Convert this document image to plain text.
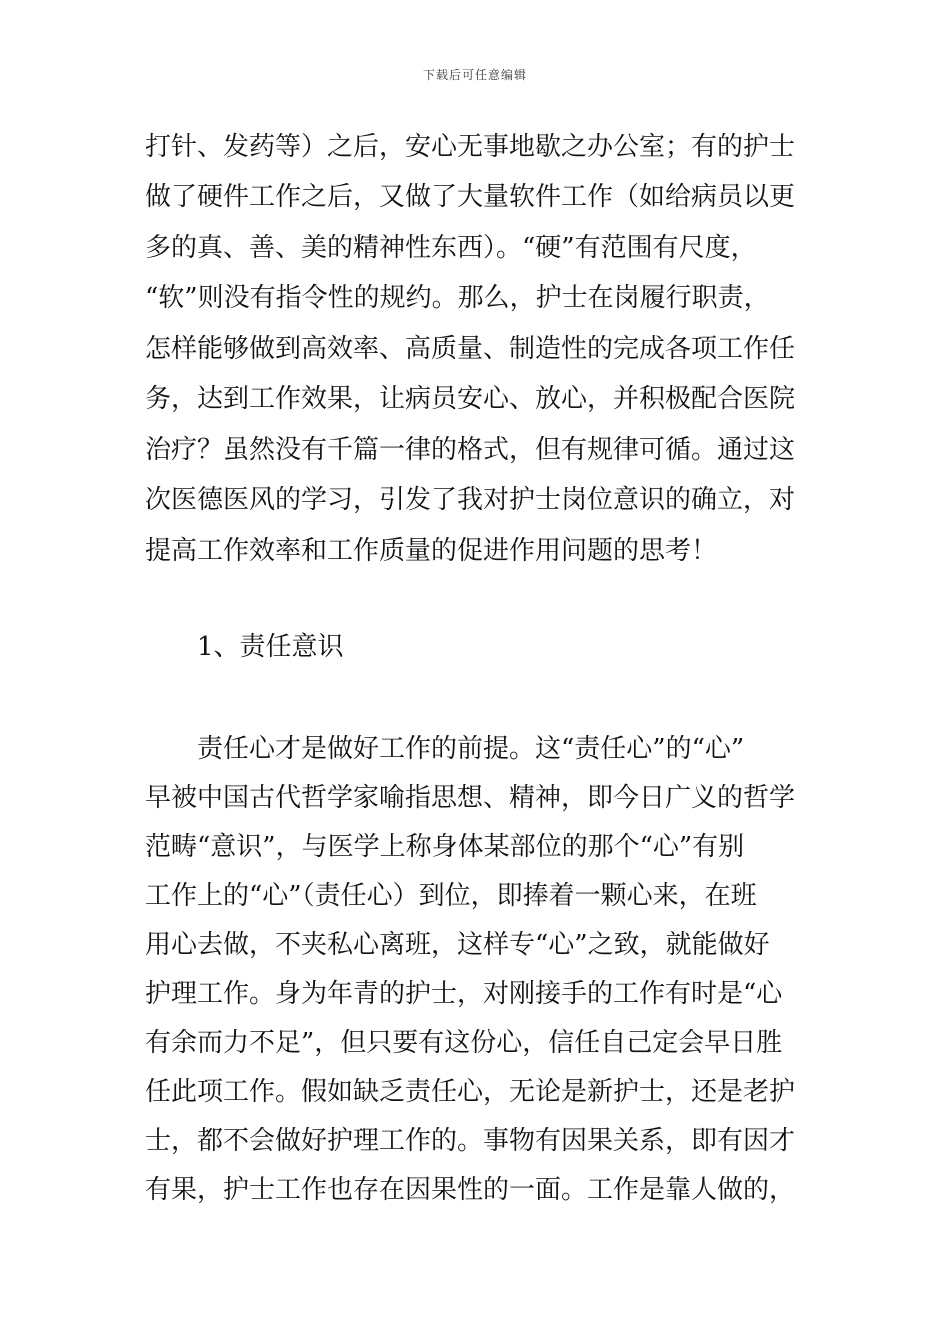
下载后可任意编辑
打针、发药等）之后，安心无事地歇之办公室；有的护士
做了硬件工作之后，又做了大量软件工作（如给病员以更
多的真、善、美的精神性东西）。“硬”有范围有尺度，
“软”则没有指令性的规约。那么，护士在岗履行职责，
怎样能够做到高效率、高质量、制造性的完成各项工作任
务，达到工作效果，让病员安心、放心，并积极配合医院
治疗？虽然没有千篇一律的格式，但有规律可循。通过这
次医德医风的学习，引发了我对护士岗位意识的确立，对
提高工作效率和工作质量的促进作用问题的思考！
1、责任意识
责任心才是做好工作的前提。这“责任心”的“心”
早被中国古代哲学家喻指思想、精神，即今日广义的哲学
范畴“意识”，与医学上称身体某部位的那个“心”有别
工作上的“心”（责任心）到位，即捧着一颗心来，在班
用心去做，不夹私心离班，这样专“心”之致，就能做好
护理工作。身为年青的护士，对刚接手的工作有时是“心
有余而力不足”，但只要有这份心，信任自己定会早日胜
任此项工作。假如缺乏责任心，无论是新护士，还是老护
士，都不会做好护理工作的。事物有因果关系，即有因才
有果，护士工作也存在因果性的一面。工作是靠人做的，
